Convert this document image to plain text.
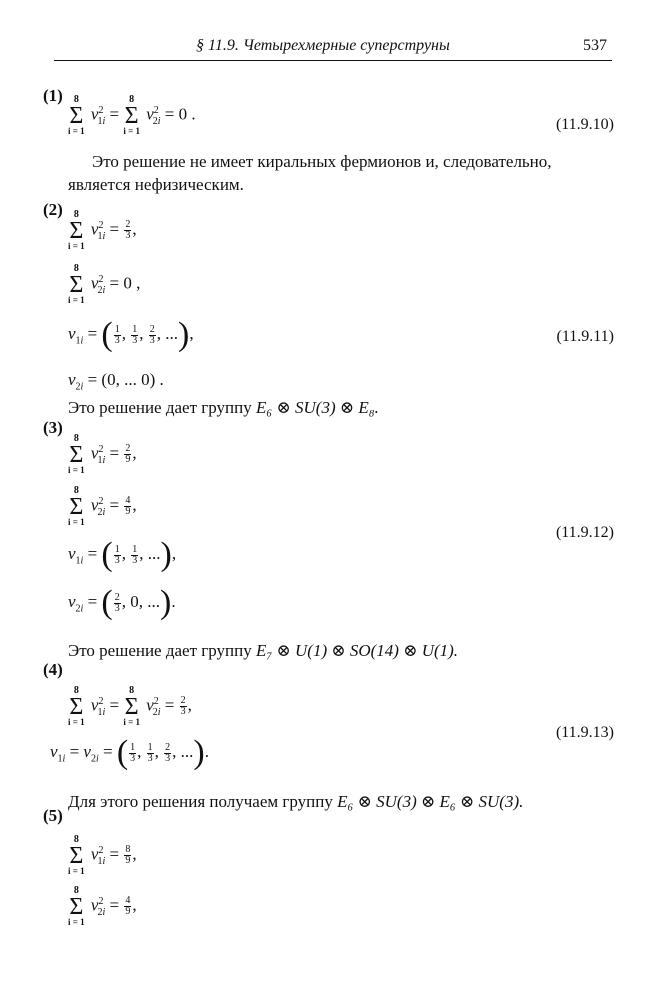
§ 11.9. Четырехмерные суперструны	537
(1)	8
Σ
i = 1
$v^2_{1i}$ =
8
Σ
i = 1
$v^2_{2i} = 0$ .
(11.9.10)
Это решение не имеет киральных фермионов и, следовательно,
является нефизическим.
(2)	8
Σ
i = 1
$v^2_{1i} = \frac{2}{3}$ ,
8
Σ
i = 1
$v^2_{2i} = 0$ ,
$v_{1i}$ = ( $\frac{1}{3}$ , $\frac{1}{3}$ , $\frac{2}{3}$ , ...),	(11.9.11)
$v_{2i} = (0$, ... 0) .
Это решение дает группу E₆ ⊗ SU(3) ⊗ E₈.
(3)
8
Σ
i = 1
$v^2_{1i} = \frac{2}{9}$ ,
8
Σ
i = 1
$v^2_{2i} = \frac{4}{9}$ ,
(11.9.12)
$v_{1i}$ = ( $\frac{1}{3}$ , $\frac{1}{3}$ , ...),
$v_{2i}$ = ( $\frac{2}{3}$ , 0, ...).
Это решение дает группу E₇ ⊗ U(1) ⊗ SO(14) ⊗ U(1).
(4)
8
Σ
i = 1
$v^2_{1i}$ =
8
Σ
i = 1
$v^2_{2i} = \frac{2}{3}$ ,
(11.9.13)
$v_{1i} = v_{2i}$ = ( $\frac{1}{3}$ , $\frac{1}{3}$ , $\frac{2}{3}$ , ...).
Для этого решения получаем группу E₆ ⊗ SU(3) ⊗ E₆ ⊗ SU(3).
(5)
8
Σ
i = 1
$v^2_{1i} = \frac{8}{9}$ ,
8
Σ
i = 1
$v^2_{2i} = \frac{4}{9}$ ,
